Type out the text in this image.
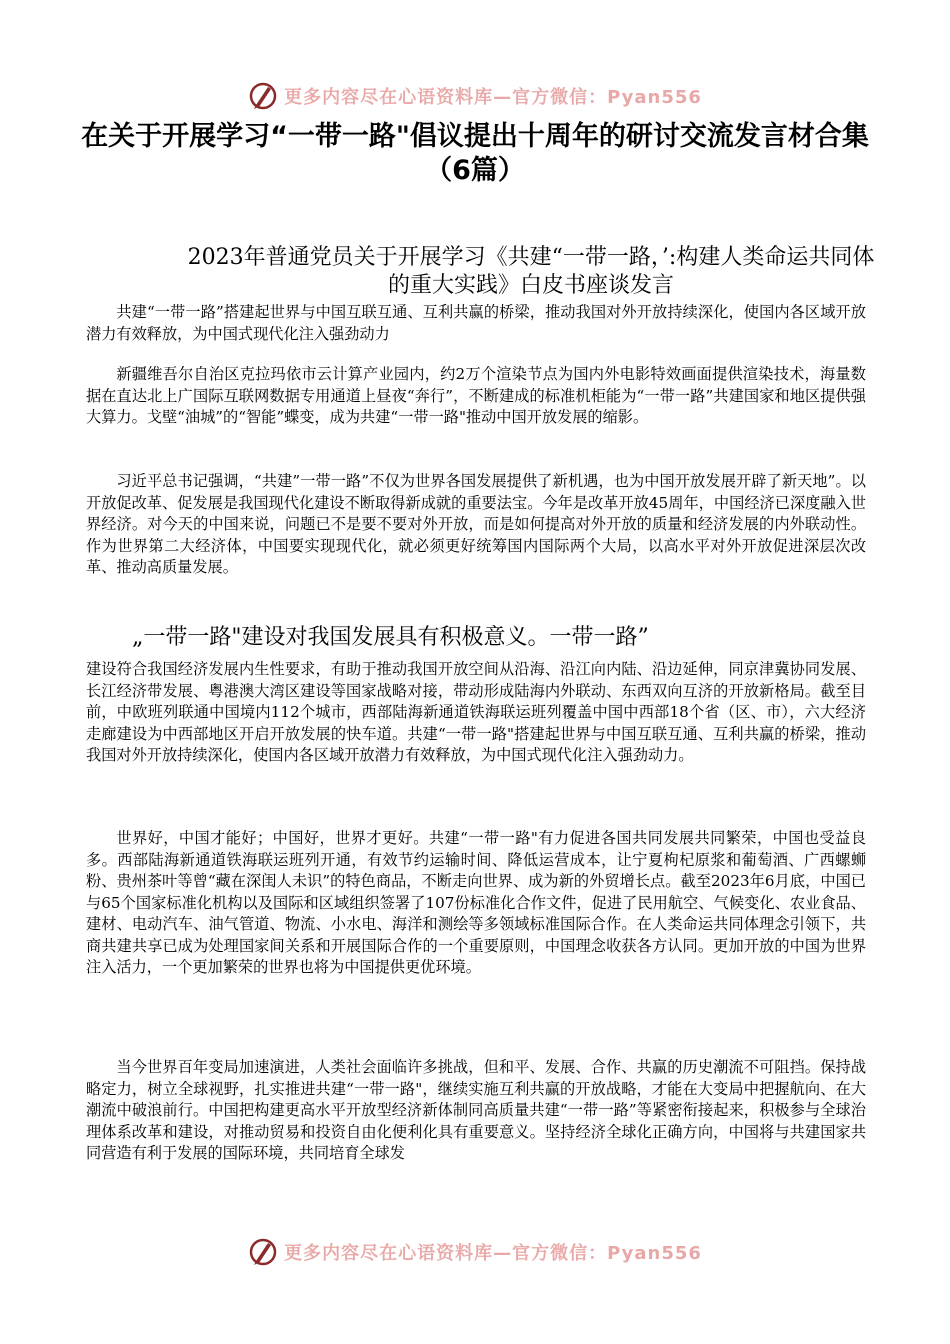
更多内容尽在心语资料库—官方微信：Pyan556
在关于开展学习“一带一路"倡议提出十周年的研讨交流发言材合集（6篇）
2023年普通党员关于开展学习《共建“一带一路，’:构建人类命运共同体的重大实践》白皮书座谈发言

共建“一带一路”搭建起世界与中国互联互通、互利共赢的桥梁，推动我国对外开放持续深化，使国内各区域开放潜力有效释放，为中国式现代化注入强劲动力

新疆维吾尔自治区克拉玛依市云计算产业园内，约2万个渲染节点为国内外电影特效画面提供渲染技术，海量数据在直达北上广国际互联网数据专用通道上昼夜“奔行”，不断建成的标准机柜能为“一带一路”共建国家和地区提供强大算力。戈壁“油城”的“智能”蝶变，成为共建“一带一路"推动中国开放发展的缩影。

习近平总书记强调，“共建”一带一路”不仅为世界各国发展提供了新机遇，也为中国开放发展开辟了新天地”。以开放促改革、促发展是我国现代化建设不断取得新成就的重要法宝。今年是改革开放45周年，中国经济已深度融入世界经济。对今天的中国来说，问题已不是要不要对外开放，而是如何提高对外开放的质量和经济发展的内外联动性。作为世界第二大经济体，中国要实现现代化，就必须更好统筹国内国际两个大局，以高水平对外开放促进深层次改革、推动高质量发展。

„一带一路"建设对我国发展具有积极意义。一带一路”

建设符合我国经济发展内生性要求，有助于推动我国开放空间从沿海、沿江向内陆、沿边延伸，同京津冀协同发展、长江经济带发展、粤港澳大湾区建设等国家战略对接，带动形成陆海内外联动、东西双向互济的开放新格局。截至目前，中欧班列联通中国境内112个城市，西部陆海新通道铁海联运班列覆盖中国中西部18个省（区、市），六大经济走廊建设为中西部地区开启开放发展的快车道。共建“一带一路"搭建起世界与中国互联互通、互利共赢的桥梁，推动我国对外开放持续深化，使国内各区域开放潜力有效释放，为中国式现代化注入强劲动力。

世界好，中国才能好；中国好，世界才更好。共建“一带一路"有力促进各国共同发展共同繁荣，中国也受益良多。西部陆海新通道铁海联运班列开通，有效节约运输时间、降低运营成本，让宁夏枸杞原浆和葡萄酒、广西螺蛳粉、贵州茶叶等曾“藏在深闺人未识”的特色商品，不断走向世界、成为新的外贸增长点。截至2023年6月底，中国已与65个国家标准化机构以及国际和区域组织签署了107份标准化合作文件，促进了民用航空、气候变化、农业食品、建材、电动汽车、油气管道、物流、小水电、海洋和测绘等多领域标准国际合作。在人类命运共同体理念引领下，共商共建共享已成为处理国家间关系和开展国际合作的一个重要原则，中国理念收获各方认同。更加开放的中国为世界注入活力，一个更加繁荣的世界也将为中国提供更优环境。

当今世界百年变局加速演进，人类社会面临许多挑战，但和平、发展、合作、共赢的历史潮流不可阻挡。保持战略定力，树立全球视野，扎实推进共建“一带一路"，继续实施互利共赢的开放战略，才能在大变局中把握航向、在大潮流中破浪前行。中国把构建更高水平开放型经济新体制同高质量共建“一带一路”等紧密衔接起来，积极参与全球治理体系改革和建设，对推动贸易和投资自由化便利化具有重要意义。坚持经济全球化正确方向，中国将与共建国家共同营造有利于发展的国际环境，共同培育全球发

更多内容尽在心语资料库—官方微信：Pyan556
